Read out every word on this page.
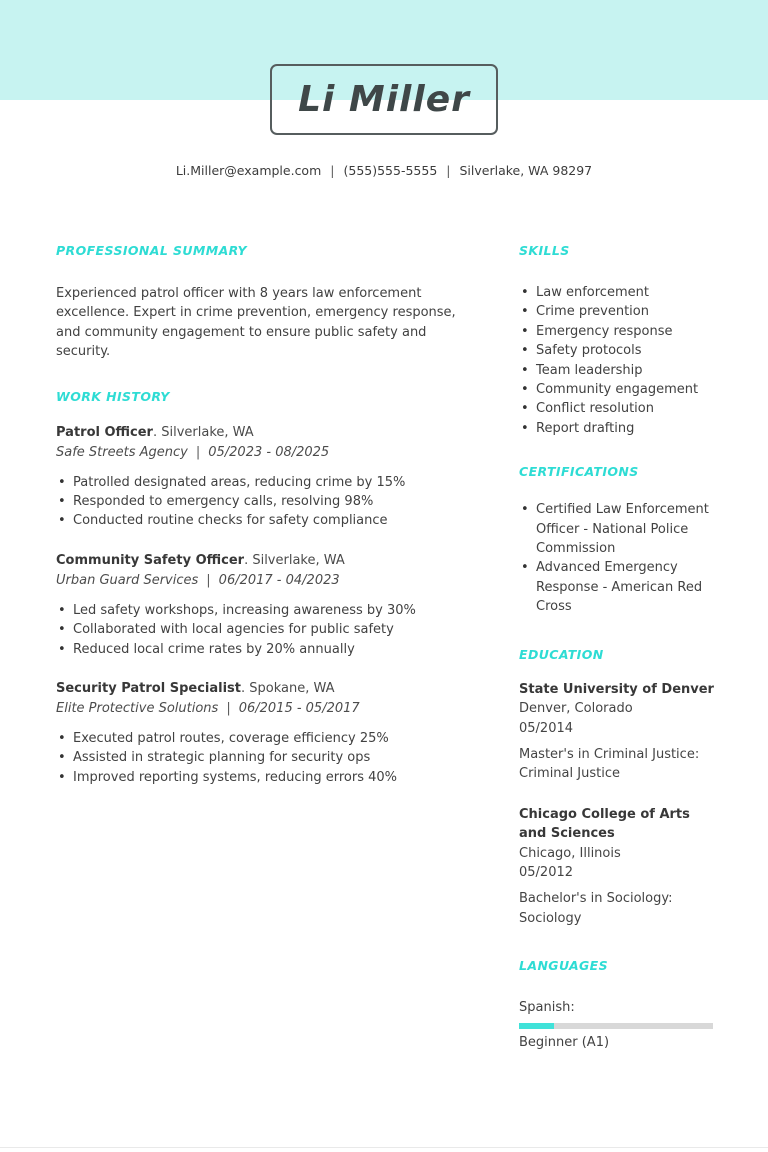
Li Miller
Li.Miller@example.com | (555)555-5555 | Silverlake, WA 98297
PROFESSIONAL SUMMARY

Experienced patrol officer with 8 years law enforcement excellence. Expert in crime prevention, emergency response, and community engagement to ensure public safety and security.

WORK HISTORY
Patrol Officer. Silverlake, WA
Safe Streets Agency | 05/2023 - 08/2025
• Patrolled designated areas, reducing crime by 15%
• Responded to emergency calls, resolving 98%
• Conducted routine checks for safety compliance
Community Safety Officer. Silverlake, WA
Urban Guard Services | 06/2017 - 04/2023
• Led safety workshops, increasing awareness by 30%
• Collaborated with local agencies for public safety
• Reduced local crime rates by 20% annually
Security Patrol Specialist. Spokane, WA
Elite Protective Solutions | 06/2015 - 05/2017
• Executed patrol routes, coverage efficiency 25%
• Assisted in strategic planning for security ops
• Improved reporting systems, reducing errors 40%
SKILLS
• Law enforcement
• Crime prevention
• Emergency response
• Safety protocols
• Team leadership
• Community engagement
• Conflict resolution
• Report drafting
CERTIFICATIONS
• Certified Law Enforcement Officer - National Police Commission
• Advanced Emergency Response - American Red Cross
EDUCATION
State University of Denver
Denver, Colorado
05/2014
Master's in Criminal Justice: Criminal Justice
Chicago College of Arts and Sciences
Chicago, Illinois
05/2012
Bachelor's in Sociology: Sociology
LANGUAGES
Spanish:
Beginner (A1)
